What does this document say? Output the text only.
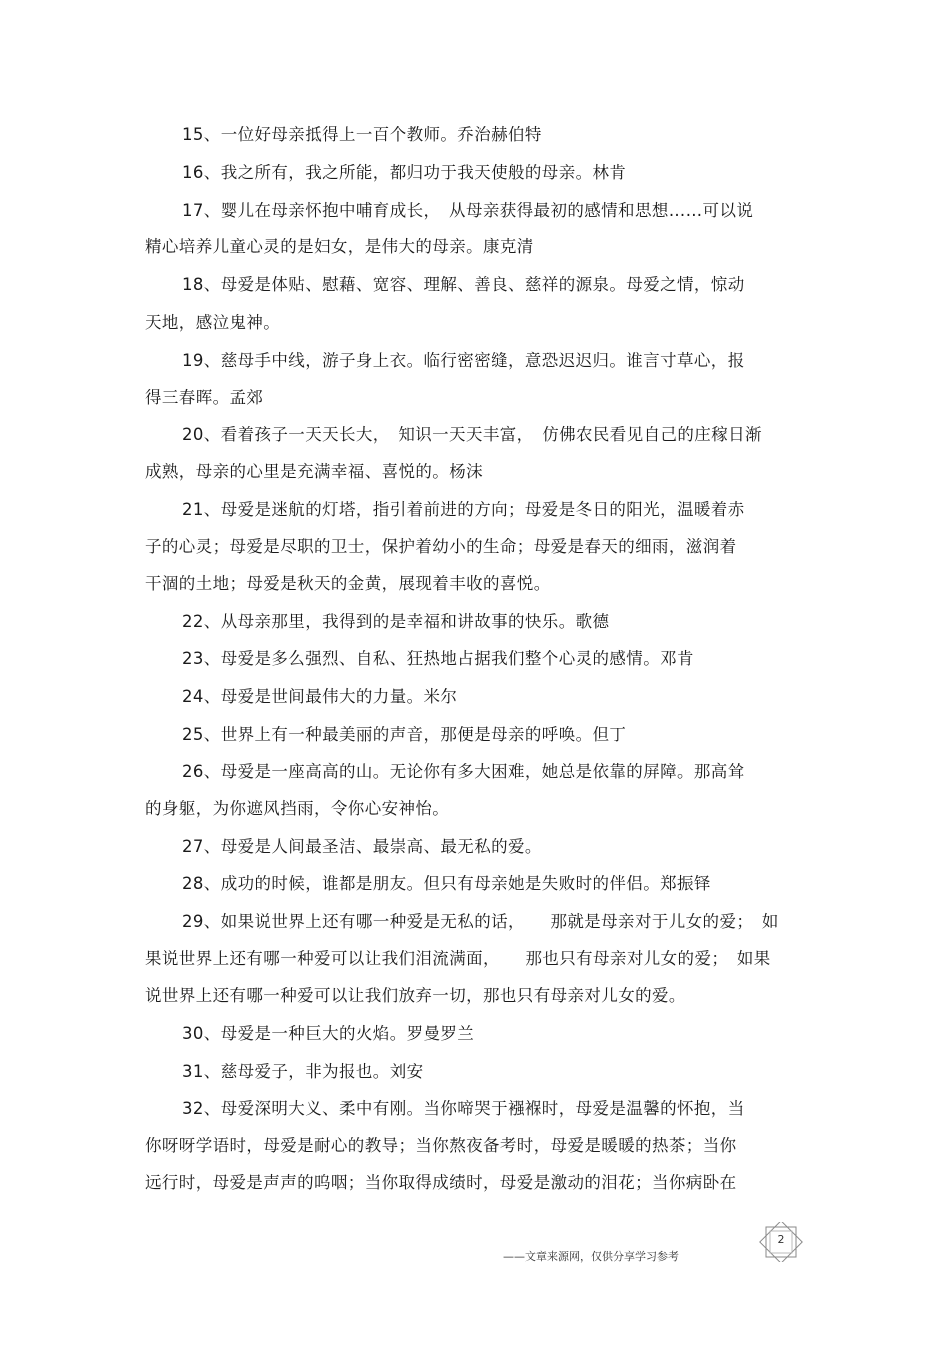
15、一位好母亲抵得上一百个教师。乔治赫伯特
16、我之所有，我之所能，都归功于我天使般的母亲。林肯
17、婴儿在母亲怀抱中哺育成长，　从母亲获得最初的感情和思想……可以说
精心培养儿童心灵的是妇女，是伟大的母亲。康克清
18、母爱是体贴、慰藉、宽容、理解、善良、慈祥的源泉。母爱之情，惊动
天地，感泣鬼神。
19、慈母手中线，游子身上衣。临行密密缝，意恐迟迟归。谁言寸草心，报
得三春晖。孟郊
20、看着孩子一天天长大，　知识一天天丰富，　仿佛农民看见自己的庄稼日渐
成熟，母亲的心里是充满幸福、喜悦的。杨沫
21、母爱是迷航的灯塔，指引着前进的方向；母爱是冬日的阳光，温暖着赤
子的心灵；母爱是尽职的卫士，保护着幼小的生命；母爱是春天的细雨，滋润着
干涸的土地；母爱是秋天的金黄，展现着丰收的喜悦。
22、从母亲那里，我得到的是幸福和讲故事的快乐。歌德
23、母爱是多么强烈、自私、狂热地占据我们整个心灵的感情。邓肯
24、母爱是世间最伟大的力量。米尔
25、世界上有一种最美丽的声音，那便是母亲的呼唤。但丁
26、母爱是一座高高的山。无论你有多大困难，她总是依靠的屏障。那高耸
的身躯，为你遮风挡雨，令你心安神怡。
27、母爱是人间最圣洁、最崇高、最无私的爱。
28、成功的时候，谁都是朋友。但只有母亲她是失败时的伴侣。郑振铎
29、如果说世界上还有哪一种爱是无私的话，　　那就是母亲对于儿女的爱；　如
果说世界上还有哪一种爱可以让我们泪流满面，　　那也只有母亲对儿女的爱；　如果
说世界上还有哪一种爱可以让我们放弃一切，那也只有母亲对儿女的爱。
30、母爱是一种巨大的火焰。罗曼罗兰
31、慈母爱子，非为报也。刘安
32、母爱深明大义、柔中有刚。当你啼哭于襁褓时，母爱是温馨的怀抱，当
你呀呀学语时，母爱是耐心的教导；当你熬夜备考时，母爱是暖暖的热茶；当你
远行时，母爱是声声的呜咽；当你取得成绩时，母爱是激动的泪花；当你病卧在
2
——文章来源网，仅供分享学习参考
